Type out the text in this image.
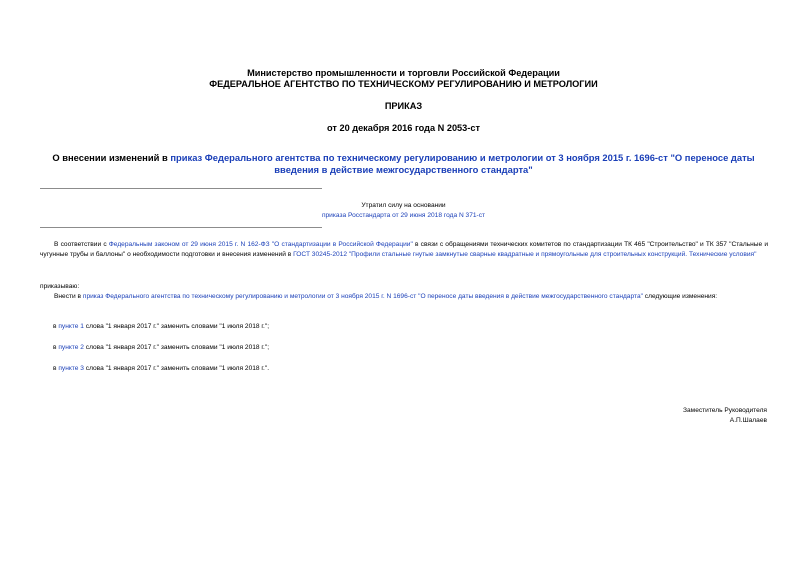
Министерство промышленности и торговли Российской Федерации
ФЕДЕРАЛЬНОЕ АГЕНТСТВО ПО ТЕХНИЧЕСКОМУ РЕГУЛИРОВАНИЮ И МЕТРОЛОГИИ
ПРИКАЗ
от 20 декабря 2016 года N 2053-ст
О внесении изменений в приказ Федерального агентства по техническому регулированию и метрологии от 3 ноября 2015 г. 1696-ст "О переносе даты введения в действие межгосударственного стандарта"
Утратил силу на основании
приказа Росстандарта от 29 июня 2018 года N 371-ст
В соответствии с Федеральным законом от 29 июня 2015 г. N 162-ФЗ "О стандартизации в Российской Федерации" в связи с обращениями технических комитетов по стандартизации ТК 465 "Строительство" и ТК 357 "Стальные и чугунные трубы и баллоны" о необходимости подготовки и внесения изменений в ГОСТ 30245-2012 "Профили стальные гнутые замкнутые сварные квадратные и прямоугольные для строительных конструкций. Технические условия"
приказываю:
Внести в приказ Федерального агентства по техническому регулированию и метрологии от 3 ноября 2015 г. N 1696-ст "О переносе даты введения в действие межгосударственного стандарта" следующие изменения:
в пункте 1 слова "1 января 2017 г." заменить словами "1 июля 2018 г.";
в пункте 2 слова "1 января 2017 г." заменить словами "1 июля 2018 г.";
в пункте 3 слова "1 января 2017 г." заменить словами "1 июля 2018 г.".
Заместитель Руководителя
А.П.Шалаев
